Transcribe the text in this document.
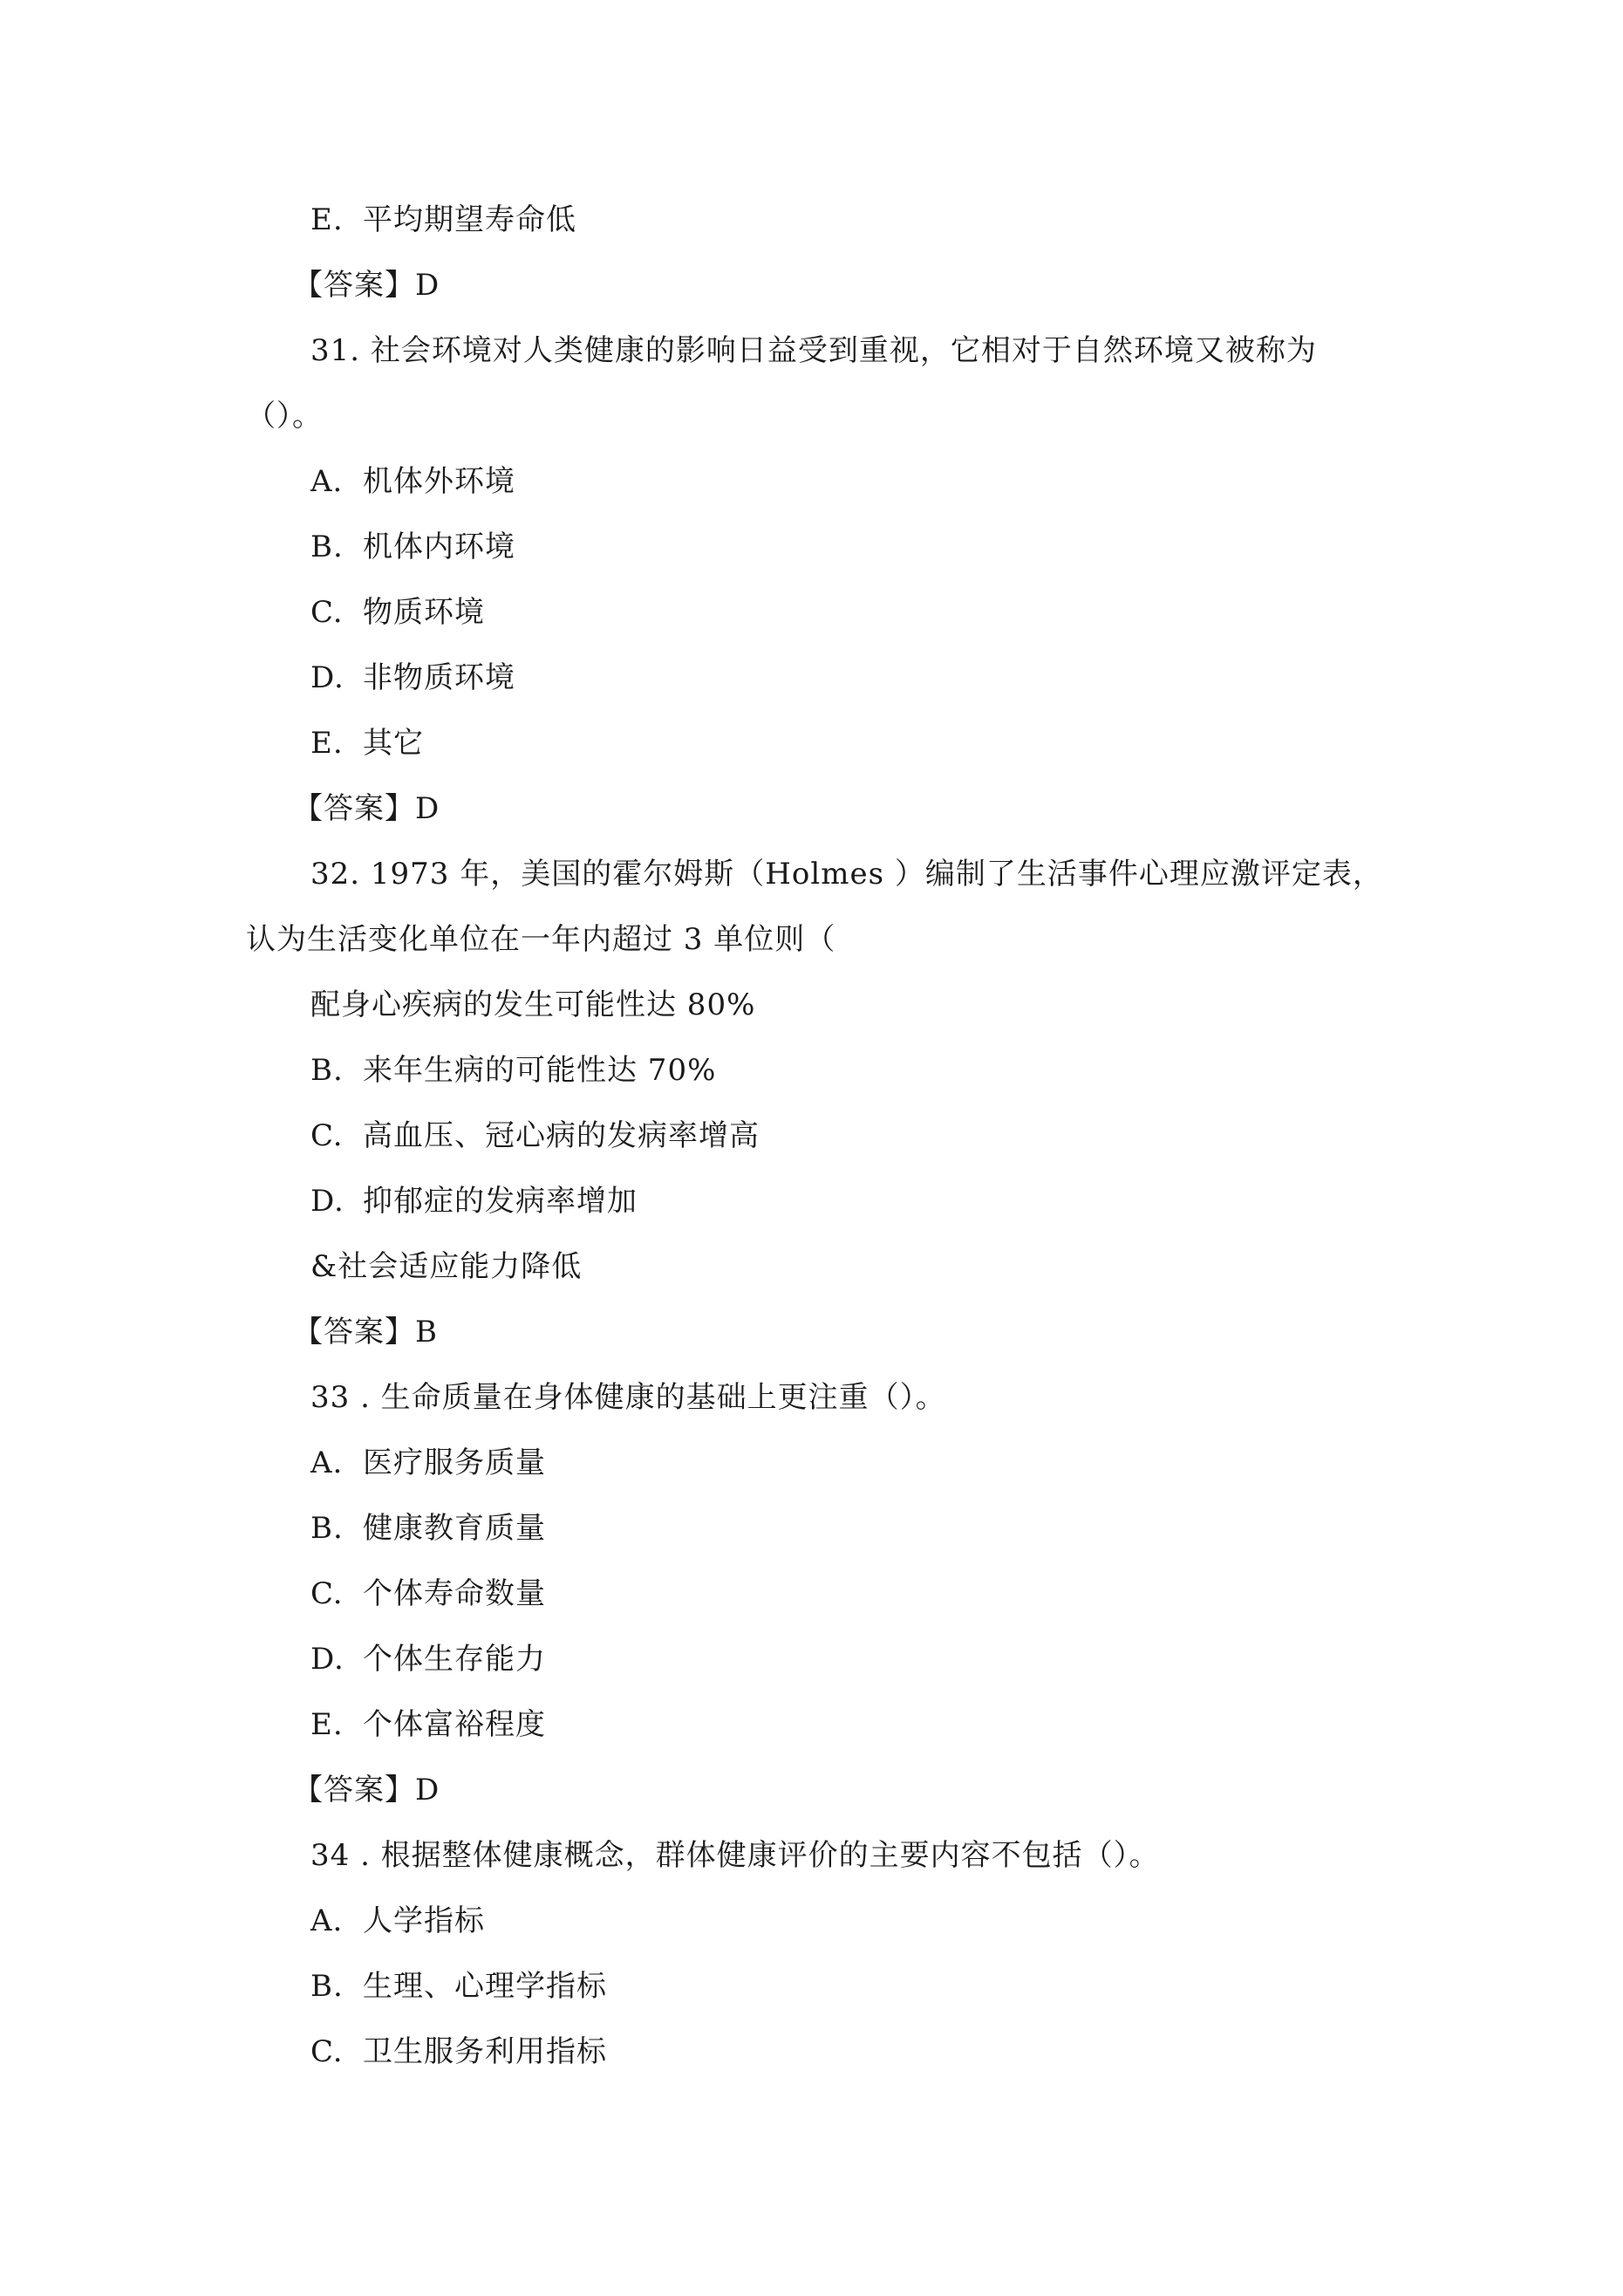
E. 平均期望寿命低
【答案】D
31. 社会环境对人类健康的影响日益受到重视，它相对于自然环境又被称为
（）。
A. 机体外环境
B. 机体内环境
C. 物质环境
D. 非物质环境
E. 其它
【答案】D
32. 1973 年，美国的霍尔姆斯（Holmes ）编制了生活事件心理应激评定表，
认为生活变化单位在一年内超过 3 单位则（
配身心疾病的发生可能性达 80%
B. 来年生病的可能性达 70%
C. 高血压、冠心病的发病率增高
D. 抑郁症的发病率增加
&社会适应能力降低
【答案】B
33 . 生命质量在身体健康的基础上更注重（）。
A. 医疗服务质量
B. 健康教育质量
C. 个体寿命数量
D. 个体生存能力
E. 个体富裕程度
【答案】D
34 . 根据整体健康概念，群体健康评价的主要内容不包括（）。
A. 人学指标
B. 生理、心理学指标
C. 卫生服务利用指标
